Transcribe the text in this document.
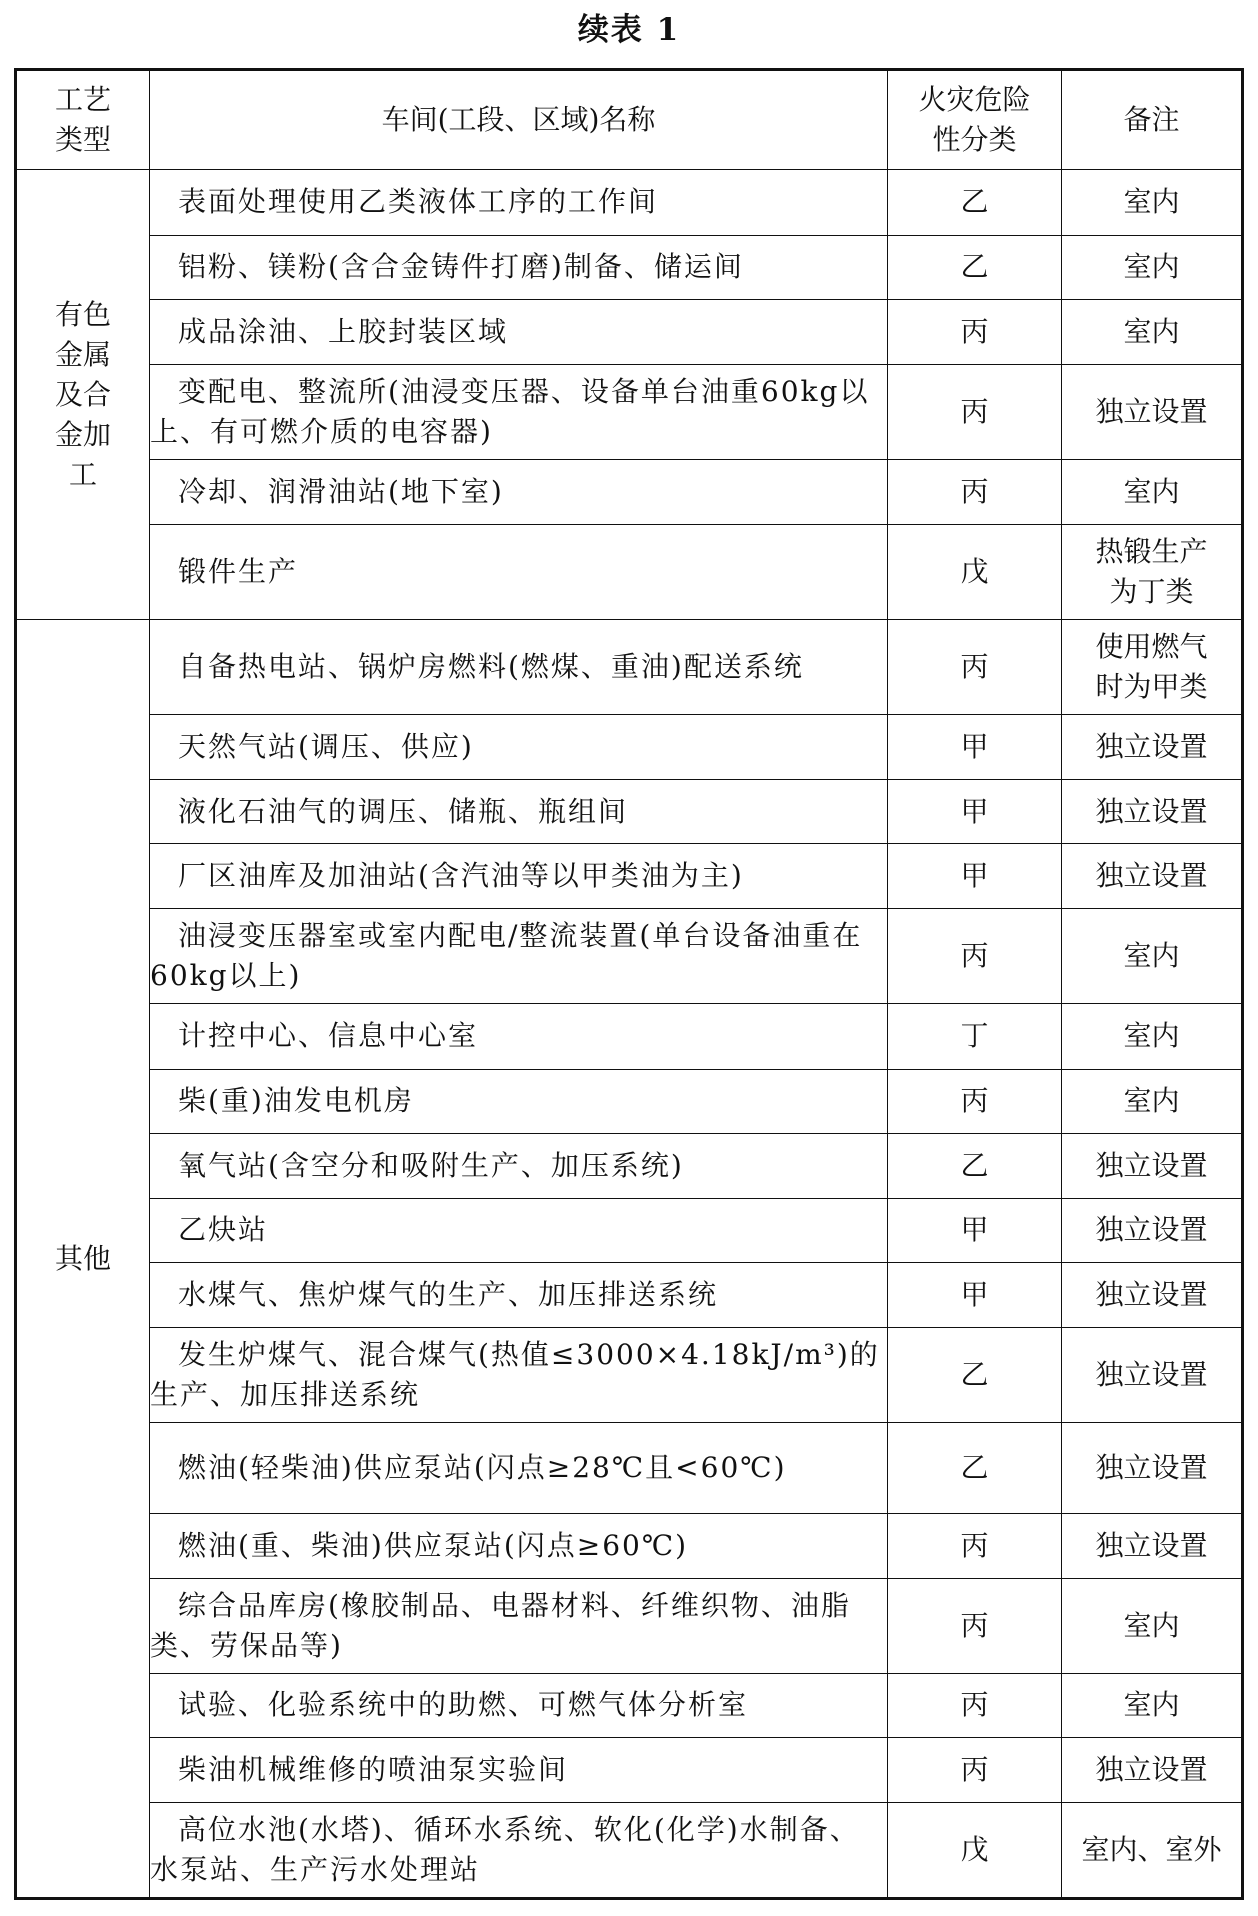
续表 1
工艺类型	车间(工段、区域)名称	火灾危险性分类	备注
有色金属及合金加工	表面处理使用乙类液体工序的工作间	乙	室内

	铝粉、镁粉(含合金铸件打磨)制备、储运间	乙	室内

	成品涂油、上胶封装区域	丙	室内

	变配电、整流所(油浸变压器、设备单台油重60kg以上、有可燃介质的电容器)	丙	独立设置

	冷却、润滑油站(地下室)	丙	室内

	锻件生产	戊	热锻生产为丁类
其他	自备热电站、锅炉房燃料(燃煤、重油)配送系统	丙	使用燃气时为甲类

	天然气站(调压、供应)	甲	独立设置

	液化石油气的调压、储瓶、瓶组间	甲	独立设置

	厂区油库及加油站(含汽油等以甲类油为主)	甲	独立设置

	油浸变压器室或室内配电/整流装置(单台设备油重在60kg以上)	丙	室内

	计控中心、信息中心室	丁	室内

	柴(重)油发电机房	丙	室内

	氧气站(含空分和吸附生产、加压系统)	乙	独立设置

	乙炔站	甲	独立设置

	水煤气、焦炉煤气的生产、加压排送系统	甲	独立设置

	发生炉煤气、混合煤气(热值≤3000×4.18kJ/m³)的生产、加压排送系统	乙	独立设置

	燃油(轻柴油)供应泵站(闪点≥28℃且<60℃)	乙	独立设置

	燃油(重、柴油)供应泵站(闪点≥60℃)	丙	独立设置

	综合品库房(橡胶制品、电器材料、纤维织物、油脂类、劳保品等)	丙	室内

	试验、化验系统中的助燃、可燃气体分析室	丙	室内

	柴油机械维修的喷油泵实验间	丙	独立设置

	高位水池(水塔)、循环水系统、软化(化学)水制备、水泵站、生产污水处理站	戊	室内、室外
